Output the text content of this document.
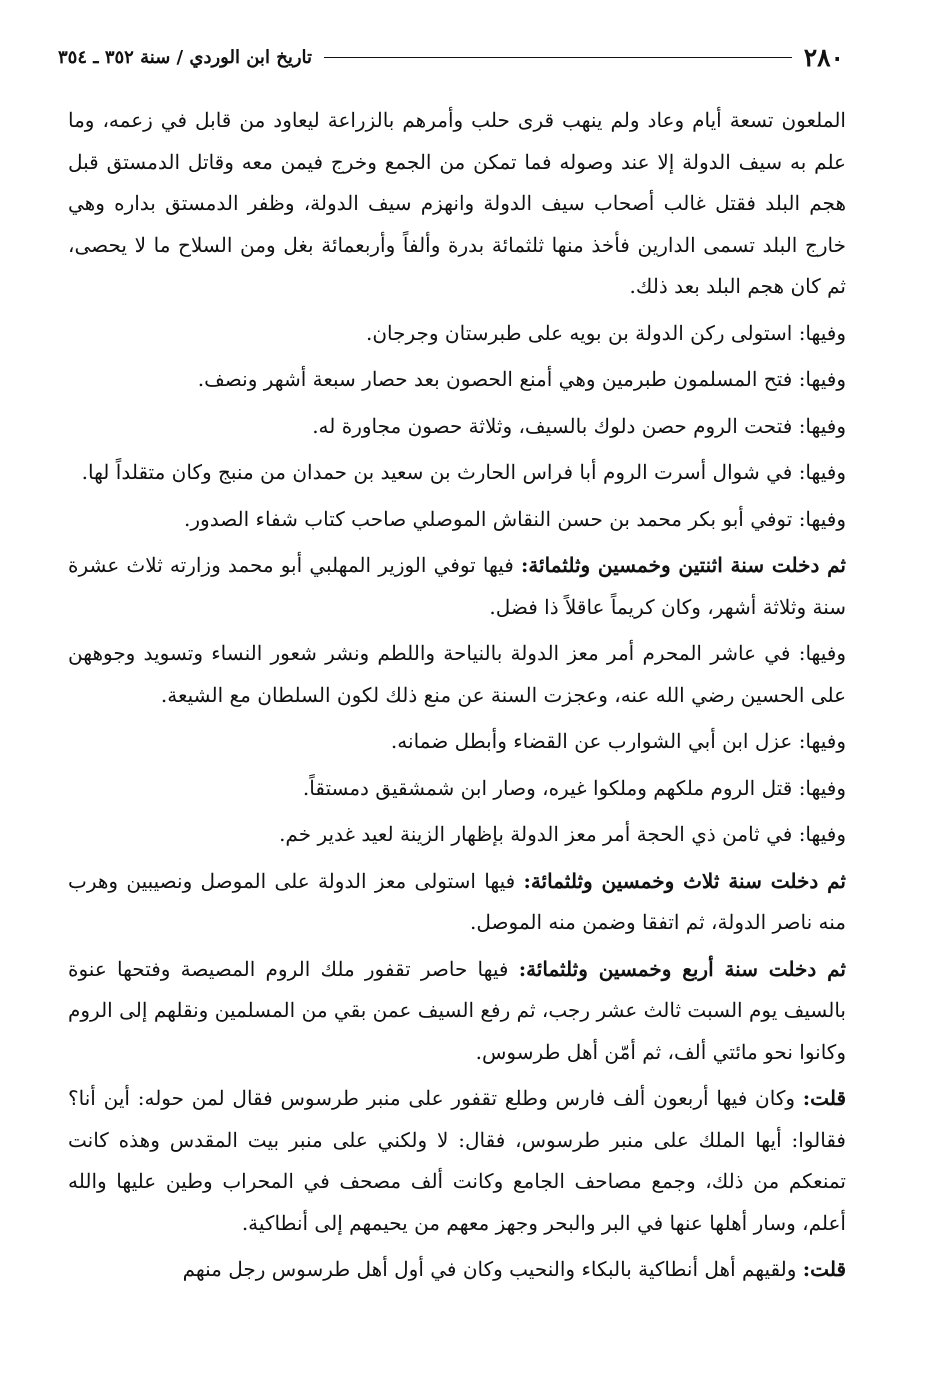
٢٨٠
تاريخ ابن الوردي / سنة ٣٥٢ ـ ٣٥٤

الملعون تسعة أيام وعاد ولم ينهب قرى حلب وأمرهم بالزراعة ليعاود من قابل في زعمه، وما علم به سيف الدولة إلا عند وصوله فما تمكن من الجمع وخرج فيمن معه وقاتل الدمستق قبل هجم البلد فقتل غالب أصحاب سيف الدولة وانهزم سيف الدولة، وظفر الدمستق بداره وهي خارج البلد تسمى الدارين فأخذ منها ثلثمائة بدرة وألفاً وأربعمائة بغل ومن السلاح ما لا يحصى، ثم كان هجم البلد بعد ذلك.

وفيها: استولى ركن الدولة بن بويه على طبرستان وجرجان.

وفيها: فتح المسلمون طبرمين وهي أمنع الحصون بعد حصار سبعة أشهر ونصف.

وفيها: فتحت الروم حصن دلوك بالسيف، وثلاثة حصون مجاورة له.

وفيها: في شوال أسرت الروم أبا فراس الحارث بن سعيد بن حمدان من منبج وكان متقلداً لها.

وفيها: توفي أبو بكر محمد بن حسن النقاش الموصلي صاحب كتاب شفاء الصدور.

ثم دخلت سنة اثنتين وخمسين وثلثمائة: فيها توفي الوزير المهلبي أبو محمد وزارته ثلاث عشرة سنة وثلاثة أشهر، وكان كريماً عاقلاً ذا فضل.

وفيها: في عاشر المحرم أمر معز الدولة بالنياحة واللطم ونشر شعور النساء وتسويد وجوههن على الحسين رضي الله عنه، وعجزت السنة عن منع ذلك لكون السلطان مع الشيعة.

وفيها: عزل ابن أبي الشوارب عن القضاء وأبطل ضمانه.

وفيها: قتل الروم ملكهم وملكوا غيره، وصار ابن شمشقيق دمستقاً.

وفيها: في ثامن ذي الحجة أمر معز الدولة بإظهار الزينة لعيد غدير خم.

ثم دخلت سنة ثلاث وخمسين وثلثمائة: فيها استولى معز الدولة على الموصل ونصيبين وهرب منه ناصر الدولة، ثم اتفقا وضمن منه الموصل.

ثم دخلت سنة أربع وخمسين وثلثمائة: فيها حاصر تقفور ملك الروم المصيصة وفتحها عنوة بالسيف يوم السبت ثالث عشر رجب، ثم رفع السيف عمن بقي من المسلمين ونقلهم إلى الروم وكانوا نحو مائتي ألف، ثم أمّن أهل طرسوس.

قلت: وكان فيها أربعون ألف فارس وطلع تقفور على منبر طرسوس فقال لمن حوله: أين أنا؟ فقالوا: أيها الملك على منبر طرسوس، فقال: لا ولكني على منبر بيت المقدس وهذه كانت تمنعكم من ذلك، وجمع مصاحف الجامع وكانت ألف مصحف في المحراب وطين عليها والله أعلم، وسار أهلها عنها في البر والبحر وجهز معهم من يحيمهم إلى أنطاكية.

قلت: ولقيهم أهل أنطاكية بالبكاء والنحيب وكان في أول أهل طرسوس رجل منهم
